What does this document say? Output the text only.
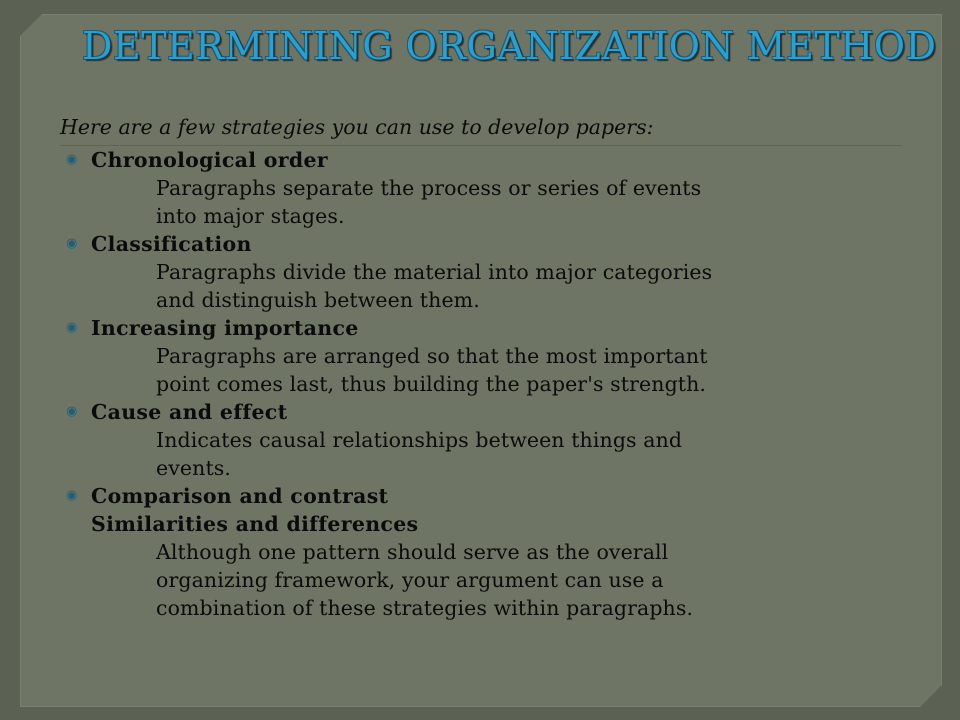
DETERMINING ORGANIZATION METHOD

Here are a few strategies you can use to develop papers:

◉ Chronological order
Paragraphs separate the process or series of events
into major stages.
◉ Classification
Paragraphs divide the material into major categories
and distinguish between them.
◉ Increasing importance
Paragraphs are arranged so that the most important
point comes last, thus building the paper's strength.
◉ Cause and effect
Indicates causal relationships between things and
events.
◉ Comparison and contrast
Similarities and differences
Although one pattern should serve as the overall
organizing framework, your argument can use a
combination of these strategies within paragraphs.
